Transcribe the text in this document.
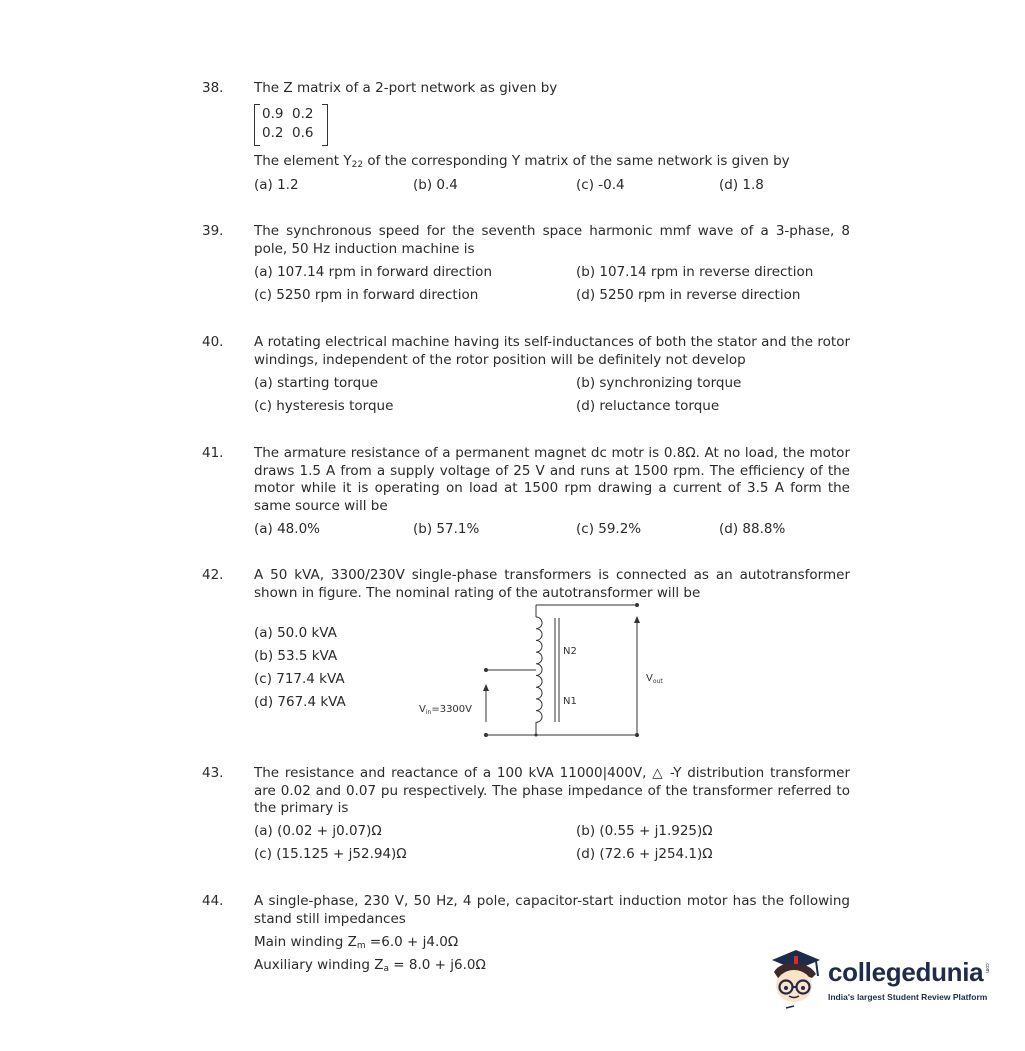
38. The Z matrix of a 2-port network as given by
0.9  0.2
0.2  0.6
The element $Y_{22}$ of the corresponding Y matrix of the same network is given by
(a) 1.2	(b) 0.4	(c) -0.4	(d) 1.8
39. The synchronous speed for the seventh space harmonic mmf wave of a 3-phase, 8 pole, 50 Hz induction machine is
(a) 107.14 rpm in forward direction	(b) 107.14 rpm in reverse direction
(c) 5250 rpm in forward direction	(d) 5250 rpm in reverse direction
40. A rotating electrical machine having its self-inductances of both the stator and the rotor windings, independent of the rotor position will be definitely not develop
(a) starting torque	(b) synchronizing torque
(c) hysteresis torque	(d) reluctance torque
41. The armature resistance of a permanent magnet dc motr is 0.8Ω. At no load, the motor draws 1.5 A from a supply voltage of 25 V and runs at 1500 rpm. The efficiency of the motor while it is operating on load at 1500 rpm drawing a current of 3.5 A form the same source will be
(a) 48.0%	(b) 57.1%	(c) 59.2%	(d) 88.8%
42. A 50 kVA, 3300/230V single-phase transformers is connected as an autotransformer shown in figure. The nominal rating of the autotransformer will be
(a) 50.0 kVA
(b) 53.5 kVA
(c) 717.4 kVA
(d) 767.4 kVA
N2
N1
$V_{out}$
$V_{in}=3300V$
43. The resistance and reactance of a 100 kVA 11000|400V, △ -Y distribution transformer are 0.02 and 0.07 pu respectively. The phase impedance of the transformer referred to the primary is
(a) (0.02 + j0.07)Ω	(b) (0.55 + j1.925)Ω
(c) (15.125 + j52.94)Ω	(d) (72.6 + j254.1)Ω
44. A single-phase, 230 V, 50 Hz, 4 pole, capacitor-start induction motor has the following stand still impedances
Main winding $Z_m =6.0 + j4.0\Omega$
Auxiliary winding $Z_a = 8.0 + j6.0\Omega$	collegedunia .com
India's largest Student Review Platform
